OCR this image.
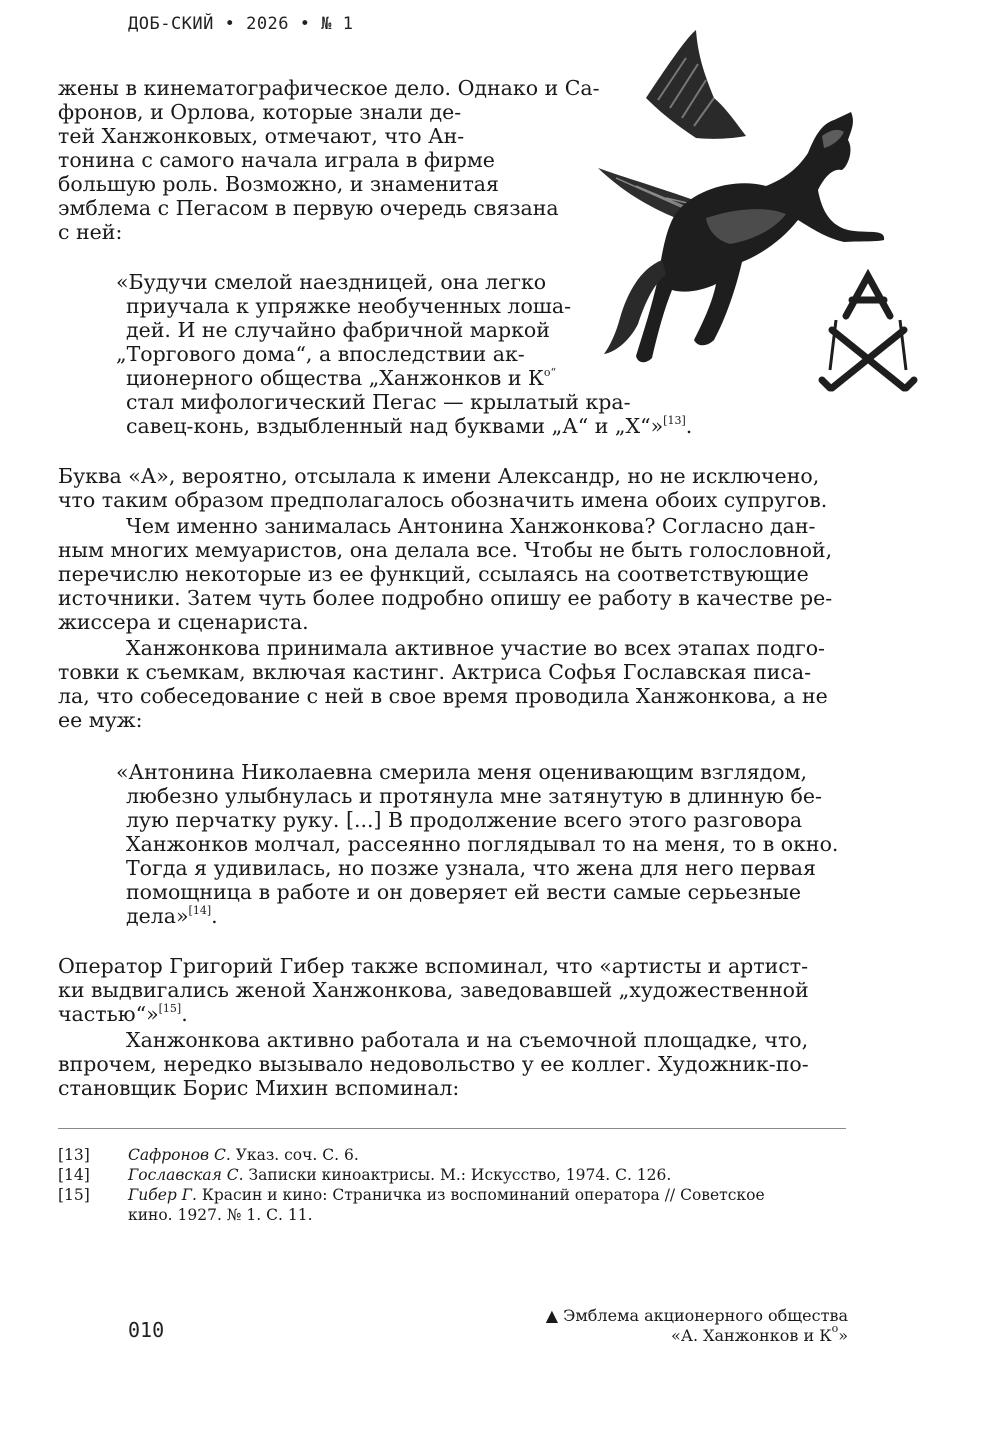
ДОБ-СКИЙ • 2026 • № 1
жены в кинематографическое дело. Однако и Са-
фронов, и Орлова, которые знали де-
тей Ханжонковых, отмечают, что Ан-
тонина с самого начала играла в фирме
большую роль. Возможно, и знаменитая
эмблема с Пегасом в первую очередь связана
с ней:
«Будучи смелой наездницей, она легко
приучала к упряжке необученных лоша-
дей. И не случайно фабричной маркой
„Торгового дома“, а впоследствии ак-
ционерного общества „Ханжонков и $К^{о“}$
стал мифологический Пегас — крылатый кра-
савец-конь, вздыбленный над буквами „А“ и „Х“»[13].
Буква «А», вероятно, отсылала к имени Александр, но не исключено,
что таким образом предполагалось обозначить имена обоих супругов.
Чем именно занималась Антонина Ханжонкова? Согласно дан-
ным многих мемуаристов, она делала все. Чтобы не быть голословной,
перечислю некоторые из ее функций, ссылаясь на соответствующие
источники. Затем чуть более подробно опишу ее работу в качестве ре-
жиссера и сценариста.
Ханжонкова принимала активное участие во всех этапах подго-
товки к съемкам, включая кастинг. Актриса Софья Гославская писа-
ла, что собеседование с ней в свое время проводила Ханжонкова, а не
ее муж:
«Антонина Николаевна смерила меня оценивающим взглядом,
любезно улыбнулась и протянула мне затянутую в длинную бе-
лую перчатку руку. [...] В продолжение всего этого разговора
Ханжонков молчал, рассеянно поглядывал то на меня, то в окно.
Тогда я удивилась, но позже узнала, что жена для него первая
помощница в работе и он доверяет ей вести самые серьезные
дела»[14].
Оператор Григорий Гибер также вспоминал, что «артисты и артист-
ки выдвигались женой Ханжонкова, заведовавшей „художественной
частью“»[15].
Ханжонкова активно работала и на съемочной площадке, что,
впрочем, нередко вызывало недовольство у ее коллег. Художник-по-
становщик Борис Михин вспоминал:
[13] Сафронов С. Указ. соч. С. 6.
[14] Гославская С. Записки киноактрисы. М.: Искусство, 1974. С. 126.
[15] Гибер Г. Красин и кино: Страничка из воспоминаний оператора // Советское
кино. 1927. № 1. С. 11.
010
▲ Эмблема акционерного общества
«А. Ханжонков и $К^о$»
